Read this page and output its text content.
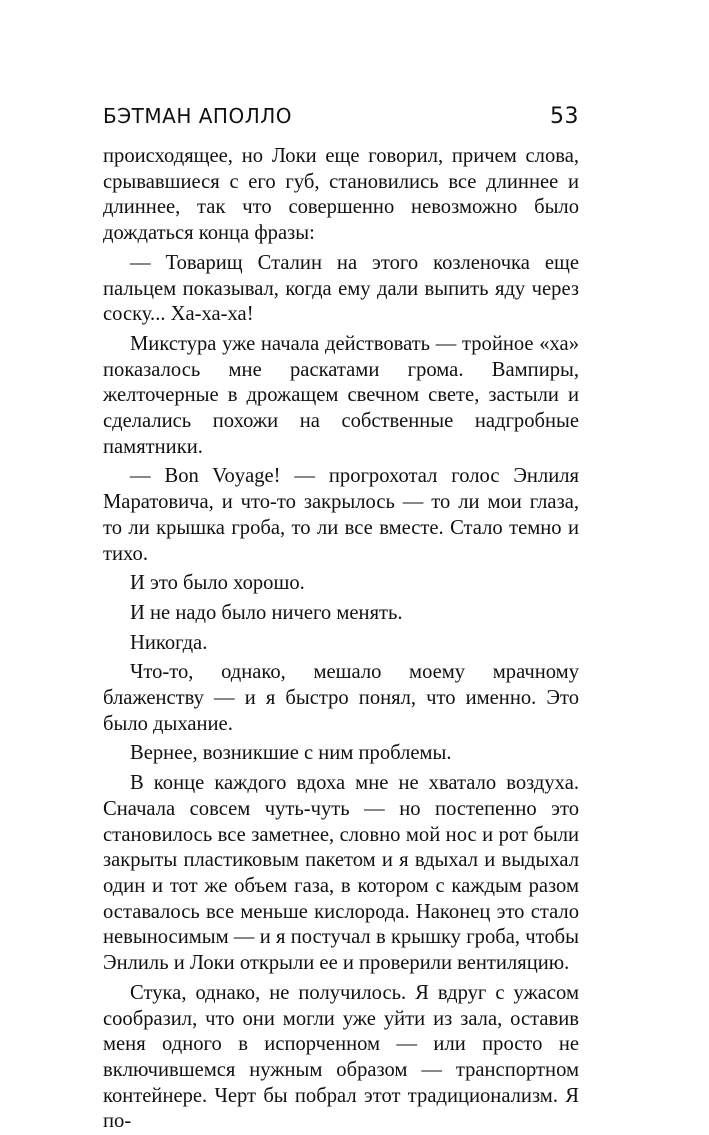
БЭТМАН АПОЛЛО	53

происходящее, но Локи еще говорил, причем слова, срывавшиеся с его губ, становились все длиннее и длиннее, так что совершенно невозможно было дождаться конца фразы:

— Товарищ Сталин на этого козленочка еще пальцем показывал, когда ему дали выпить яду через соску... Ха-ха-ха!

Микстура уже начала действовать — тройное «ха» показалось мне раскатами грома. Вампиры, желточерные в дрожащем свечном свете, застыли и сделались похожи на собственные надгробные памятники.

— Bon Voyage! — прогрохотал голос Энлиля Маратовича, и что-то закрылось — то ли мои глаза, то ли крышка гроба, то ли все вместе. Стало темно и тихо.

И это было хорошо.

И не надо было ничего менять.

Никогда.

Что-то, однако, мешало моему мрачному блаженству — и я быстро понял, что именно. Это было дыхание.

Вернее, возникшие с ним проблемы.

В конце каждого вдоха мне не хватало воздуха. Сначала совсем чуть-чуть — но постепенно это становилось все заметнее, словно мой нос и рот были закрыты пластиковым пакетом и я вдыхал и выдыхал один и тот же объем газа, в котором с каждым разом оставалось все меньше кислорода. Наконец это стало невыносимым — и я постучал в крышку гроба, чтобы Энлиль и Локи открыли ее и проверили вентиляцию.

Стука, однако, не получилось. Я вдруг с ужасом сообразил, что они могли уже уйти из зала, оставив меня одного в испорченном — или просто не включившемся нужным образом — транспортном контейнере. Черт бы побрал этот традиционализм. Я по-
